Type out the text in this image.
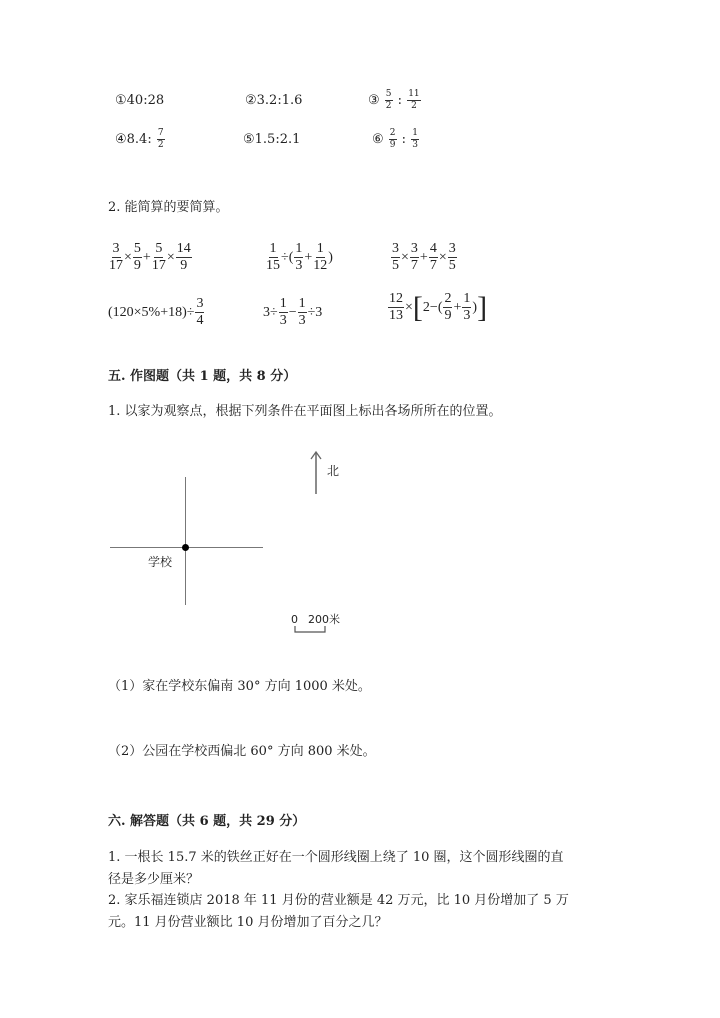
①40:28	②3.2:1.6	③ $\frac{5}{2}$ : $\frac{11}{2}$
④8.4: $\frac{7}{2}$	⑤1.5:2.1	⑥ $\frac{2}{9}$ : $\frac{1}{3}$
2. 能简算的要简算。
$\frac{3}{17} \times \frac{5}{9} + \frac{5}{17} \times \frac{14}{9}$	$\frac{1}{15}$ ÷ ( $\frac{1}{3} + \frac{1}{12}$ )	$\frac{3}{5} \times \frac{3}{7} + \frac{4}{7} \times \frac{3}{5}$
$(120\times 5\%+18)\div \frac{3}{4}$	$3 \div \frac{1}{3} - \frac{1}{3} \div 3$	$\frac{12}{13}$ × [ 2 − ( $\frac{2}{9} + \frac{1}{3}$ ) ]
五. 作图题（共 1 题，共 8 分）
1. 以家为观察点，根据下列条件在平面图上标出各场所所在的位置。
学校
北
0 200米
（1）家在学校东偏南 30° 方向 1000 米处。
（2）公园在学校西偏北 60° 方向 800 米处。
六. 解答题（共 6 题，共 29 分）
1. 一根长 15.7 米的铁丝正好在一个圆形线圈上绕了 10 圈，这个圆形线圈的直
径是多少厘米？
2. 家乐福连锁店 2018 年 11 月份的营业额是 42 万元，比 10 月份增加了 5 万
元。11 月份营业额比 10 月份增加了百分之几？
